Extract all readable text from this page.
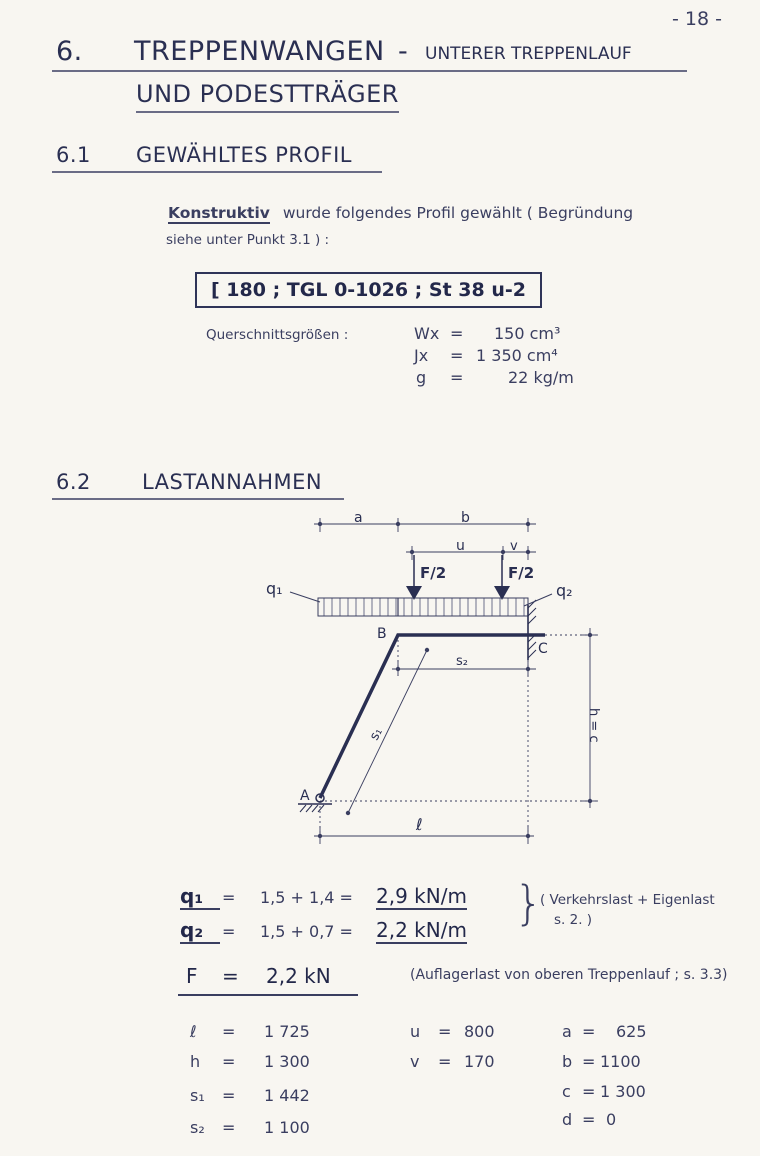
- 18 -
6. TREPPENWANGEN - UNTERER TREPPENLAUF
UND PODESTTRÄGER
6.1 GEWÄHLTES PROFIL
Konstruktiv wurde folgendes Profil gewählt ( Begründung
siehe unter Punkt 3.1 ) :
[ 180 ; TGL 0-1026 ; St 38 u-2
Querschnittsgrößen :	Wx = 150 cm³
Jx = 1 350 cm⁴
g =	22 kg/m
6.2 LASTANNAHMEN
a	b
u	v
F/2	F/2
q₁	q₂
B
C
A
s₂
s₁	h = c
ℓ
q₁	= 1,5 + 1,4 = 2,9 kN/m
q₂	= 1,5 + 0,7 = 2,2 kN/m }
( Verkehrslast + Eigenlast
s. 2. )
F = 2,2 kN	(Auflagerlast von oberen Treppenlauf ; s. 3.3)
ℓ = 1 725
h = 1 300
s₁ = 1 442
s₂ = 1 100
u = 800
v = 170
a = 625
b = 1100
c = 1 300
d = 0
